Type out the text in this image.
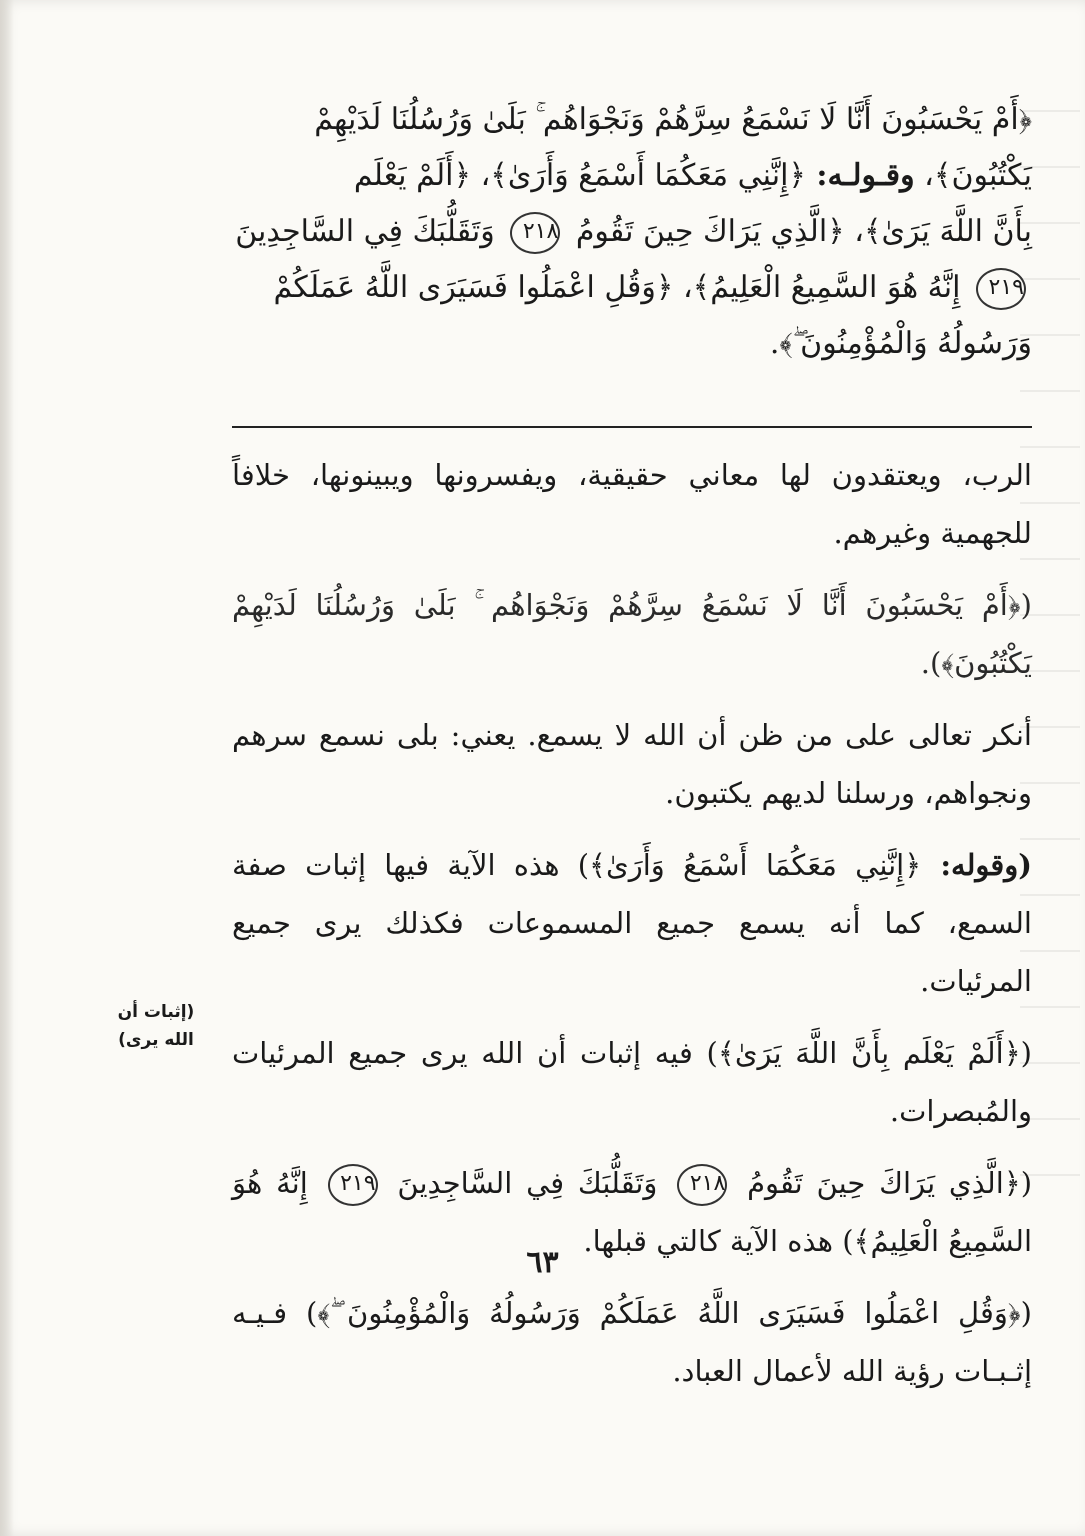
﴿أَمْ يَحْسَبُونَ أَنَّا لَا نَسْمَعُ سِرَّهُمْ وَنَجْوَاهُم ۚ بَلَىٰ وَرُسُلُنَا لَدَيْهِمْ

يَكْتُبُونَ﴾، وقـولـه: ﴿إِنَّنِي مَعَكُمَا أَسْمَعُ وَأَرَىٰ﴾، ﴿أَلَمْ يَعْلَم

بِأَنَّ اللَّهَ يَرَىٰ﴾، ﴿الَّذِي يَرَاكَ حِينَ تَقُومُ ٢١٨ وَتَقَلُّبَكَ فِي السَّاجِدِينَ

٢١٩ إِنَّهُ هُوَ السَّمِيعُ الْعَلِيمُ﴾، ﴿وَقُلِ اعْمَلُوا فَسَيَرَى اللَّهُ عَمَلَكُمْ

وَرَسُولُهُ وَالْمُؤْمِنُونَ ۖ﴾.

الرب، ويعتقدون لها معاني حقيقية، ويفسرونها ويبينونها، خلافاً للجهمية وغيرهم.

(﴿أَمْ يَحْسَبُونَ أَنَّا لَا نَسْمَعُ سِرَّهُمْ وَنَجْوَاهُم ۚ بَلَىٰ وَرُسُلُنَا لَدَيْهِمْ يَكْتُبُونَ﴾).

أنكر تعالى على من ظن أن الله لا يسمع. يعني: بلى نسمع سرهم ونجواهم، ورسلنا لديهم يكتبون.

(وقوله: ﴿إِنَّنِي مَعَكُمَا أَسْمَعُ وَأَرَىٰ﴾) هذه الآية فيها إثبات صفة السمع، كما أنه يسمع جميع المسموعات فكذلك يرى جميع المرئيات.

(﴿أَلَمْ يَعْلَم بِأَنَّ اللَّهَ يَرَىٰ﴾) فيه إثبات أن الله يرى جميع المرئيات والمُبصرات.

(﴿الَّذِي يَرَاكَ حِينَ تَقُومُ ٢١٨ وَتَقَلُّبَكَ فِي السَّاجِدِينَ ٢١٩ إِنَّهُ هُوَ السَّمِيعُ الْعَلِيمُ﴾) هذه الآية كالتي قبلها.

(﴿وَقُلِ اعْمَلُوا فَسَيَرَى اللَّهُ عَمَلَكُمْ وَرَسُولُهُ وَالْمُؤْمِنُونَ ۖ﴾) فـيـه إثـبـات رؤية الله لأعمال العباد.

(إثبات أن
الله يرى)
٦٣
